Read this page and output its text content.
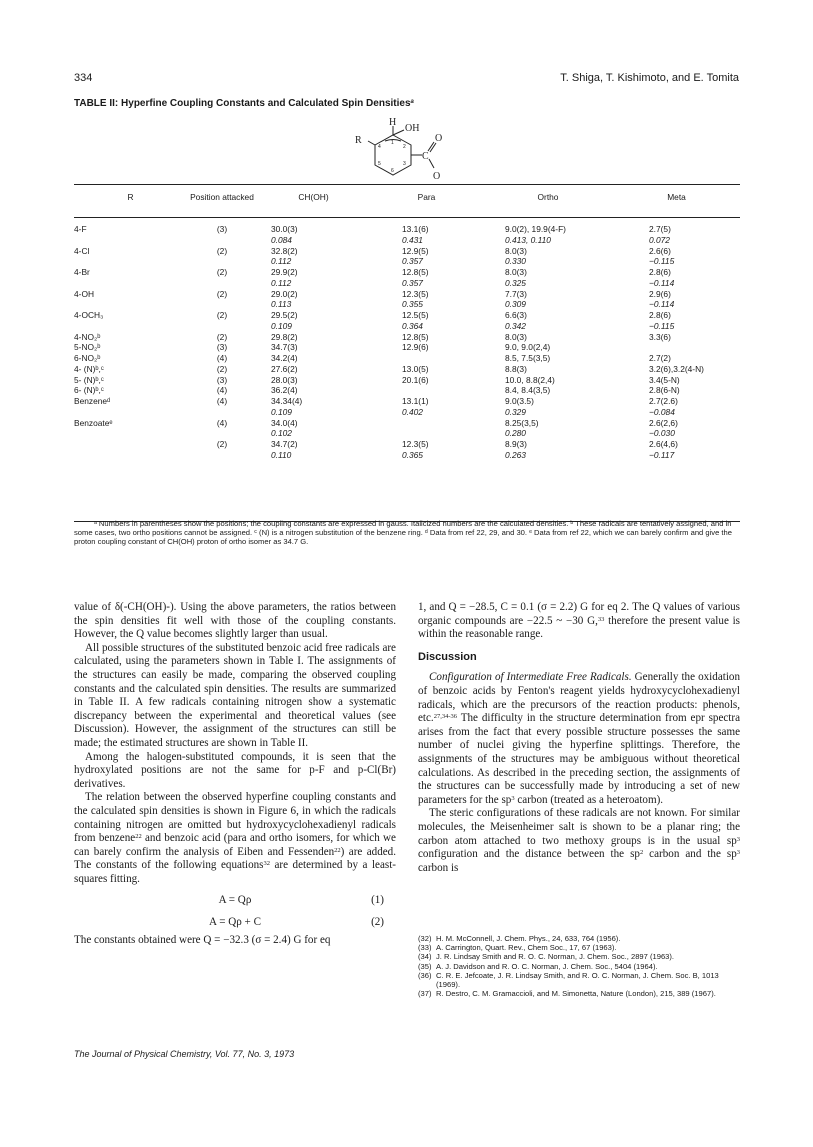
334	T. Shiga, T. Kishimoto, and E. Tomita
TABLE II: Hyperfine Coupling Constants and Calculated Spin Densities$^a$
H
OH
R	O
C
O
1
2
3
4
5
6
R	Position attacked	CH(OH)	Para	Ortho	Meta
4-F	(3)	30.0(3)	13.1(6)	9.0(2), 19.9(4-F)	2.7(5)
		0.084	0.431	0.413, 0.110	0.072
4-Cl	(2)	32.8(2)	12.9(5)	8.0(3)	2.6(6)
		0.112	0.357	0.330	−0.115
4-Br	(2)	29.9(2)	12.8(5)	8.0(3)	2.8(6)
		0.112	0.357	0.325	−0.114
4-OH	(2)	29.0(2)	12.3(5)	7.7(3)	2.9(6)
		0.113	0.355	0.309	−0.114
4-OCH₃	(2)	29.5(2)	12.5(5)	6.6(3)	2.8(6)
		0.109	0.364	0.342	−0.115
4-NO₂ᵇ	(2)	29.8(2)	12.8(5)	8.0(3)	3.3(6)
5-NO₂ᵇ	(3)	34.7(3)	12.9(6)	9.0, 9.0(2,4)	
6-NO₂ᵇ	(4)	34.2(4)		8.5, 7.5(3,5)	2.7(2)
4- (N)ᵇ,ᶜ	(2)	27.6(2)	13.0(5)	8.8(3)	3.2(6),3.2(4-N)
5- (N)ᵇ,ᶜ	(3)	28.0(3)	20.1(6)	10.0, 8.8(2,4)	3.4(5-N)
6- (N)ᵇ,ᶜ	(4)	36.2(4)		8.4, 8.4(3,5)	2.8(6-N)
Benzeneᵈ	(4)	34.34(4)	13.1(1)	9.0(3.5)	2.7(2.6)
		0.109	0.402	0.329	−0.084
Benzoateᵉ	(4)	34.0(4)		8.25(3,5)	2.6(2,6)
		0.102		0.280	−0.030
	(2)	34.7(2)	12.3(5)	8.9(3)	2.6(4,6)
		0.110	0.365	0.263	−0.117
ᵃ Numbers in parentheses show the positions; the coupling constants are expressed in gauss. Italicized numbers are the calculated densities. ᵇ These radicals are tentatively assigned, and in some cases, two ortho positions cannot be assigned. ᶜ (N) is a nitrogen substitution of the benzene ring. ᵈ Data from ref 22, 29, and 30. ᵉ Data from ref 22, which we can barely confirm and give the proton coupling constant of CH(OH) proton of ortho isomer as 34.7 G.

value of δ(-CH(OH)-). Using the above parameters, the ratios between the spin densities fit well with those of the coupling constants. However, the Q value becomes slightly larger than usual.

All possible structures of the substituted benzoic acid free radicals are calculated, using the parameters shown in Table I. The assignments of the structures can easily be made, comparing the observed coupling constants and the calculated spin densities. The results are summarized in Table II. A few radicals containing nitrogen show a systematic discrepancy between the experimental and theoretical values (see Discussion). However, the assignment of the structures can still be made; the estimated structures are shown in Table II.

Among the halogen-substituted compounds, it is seen that the hydroxylated positions are not the same for p-F and p-Cl(Br) derivatives.

The relation between the observed hyperfine coupling constants and the calculated spin densities is shown in Figure 6, in which the radicals containing nitrogen are omitted but hydroxycyclohexadienyl radicals from benzene$^{22}$ and benzoic acid (para and ortho isomers, for which we can barely confirm the analysis of Eiben and Fessenden$^{22}$) are added. The constants of the following equations$^{32}$ are determined by a least-squares fitting.

A = Qρ	(1)
A = Qρ + C	(2)

The constants obtained were Q = −32.3 (σ = 2.4) G for eq

1, and Q = −28.5, C = 0.1 (σ = 2.2) G for eq 2. The Q values of various organic compounds are −22.5 ~ −30 G,$^{33}$ therefore the present value is within the reasonable range.

Discussion

Configuration of Intermediate Free Radicals. Generally the oxidation of benzoic acids by Fenton's reagent yields hydroxycyclohexadienyl radicals, which are the precursors of the reaction products: phenols, etc.$^{27,34-36}$ The difficulty in the structure determination from epr spectra arises from the fact that every possible structure possesses the same number of nuclei giving the hyperfine splittings. Therefore, the assignments of the structures may be ambiguous without theoretical calculations. As described in the preceding section, the assignments of the structures can be successfully made by introducing a set of new parameters for the $sp^3$ carbon (treated as a heteroatom).

The steric configurations of these radicals are not known. For similar molecules, the Meisenheimer salt is shown to be a planar ring; the carbon atom attached to two methoxy groups is in the usual $sp^3$ configuration and the distance between the $sp^2$ carbon and the $sp^3$ carbon is

(32) H. M. McConnell, J. Chem. Phys., 24, 633, 764 (1956).
(33) A. Carrington, Quart. Rev., Chem Soc., 17, 67 (1963).
(34) J. R. Lindsay Smith and R. O. C. Norman, J. Chem. Soc., 2897 (1963).
(35) A. J. Davidson and R. O. C. Norman, J. Chem. Soc., 5404 (1964).
(36) C. R. E. Jefcoate, J. R. Lindsay Smith, and R. O. C. Norman, J. Chem. Soc. B, 1013 (1969).
(37) R. Destro, C. M. Gramaccioli, and M. Simonetta, Nature (London), 215, 389 (1967).
The Journal of Physical Chemistry, Vol. 77, No. 3, 1973
